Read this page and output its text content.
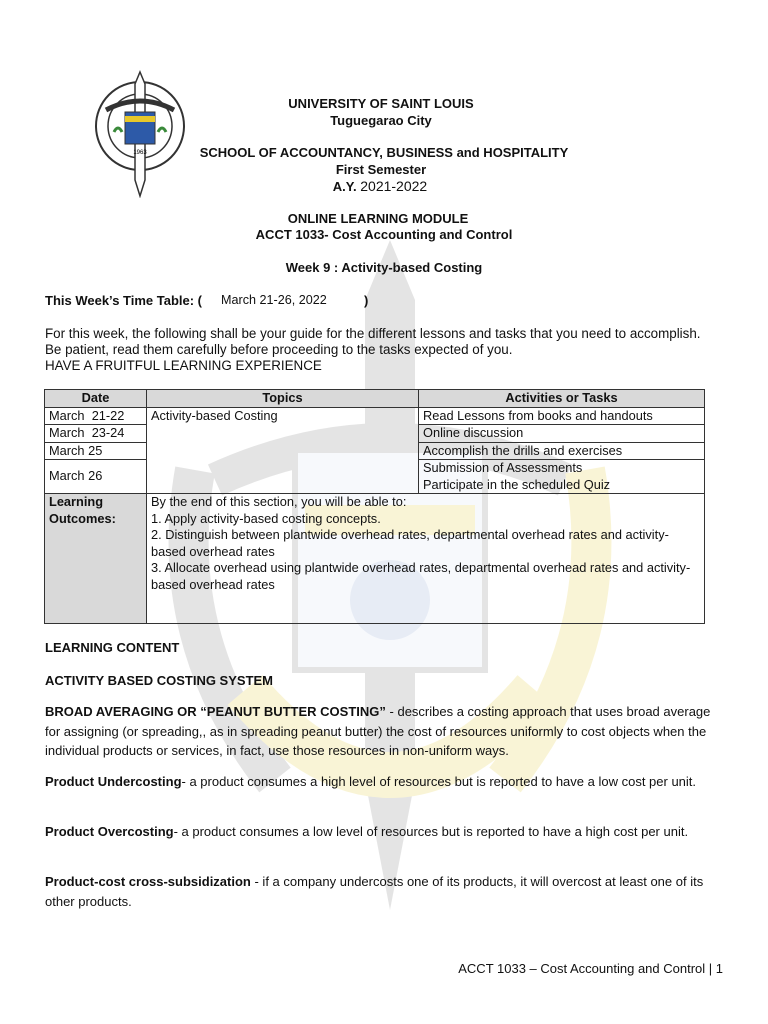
1963
UNIVERSITY OF SAINT LOUIS
Tuguegarao City
SCHOOL OF ACCOUNTANCY, BUSINESS and HOSPITALITY
First Semester
A.Y. 2021-2022
ONLINE LEARNING MODULE
ACCT 1033- Cost Accounting and Control
Week 9 : Activity-based Costing
This Week’s Time Table: ( March 21-26, 2022	)
For this week, the following shall be your guide for the different lessons and tasks that you need to accomplish.
Be patient, read them carefully before proceeding to the tasks expected of you.
HAVE A FRUITFUL LEARNING EXPERIENCE
Date	Topics	Activities or Tasks
March 21-22	Activity-based Costing	Read Lessons from books and handouts
March 23-24		Online discussion
March 25		Accomplish the drills and exercises
March 26		Submission of Assessments
Participate in the scheduled Quiz

Learning Outcomes:	By the end of this section, you will be able to:
1. Apply activity-based costing concepts.
2. Distinguish between plantwide overhead rates, departmental overhead rates and activity-based overhead rates
3. Allocate overhead using plantwide overhead rates, departmental overhead rates and activity-based overhead rates	
LEARNING CONTENT
ACTIVITY BASED COSTING SYSTEM
BROAD AVERAGING OR “PEANUT BUTTER COSTING” - describes a costing approach that uses broad average for assigning (or spreading,, as in spreading peanut butter) the cost of resources uniformly to cost objects when the individual products or services, in fact, use those resources in non-uniform ways.
Product Undercosting- a product consumes a high level of resources but is reported to have a low cost per unit.
Product Overcosting- a product consumes a low level of resources but is reported to have a high cost per unit.
Product-cost cross-subsidization - if a company undercosts one of its products, it will overcost at least one of its other products.
ACCT 1033 – Cost Accounting and Control | 1
